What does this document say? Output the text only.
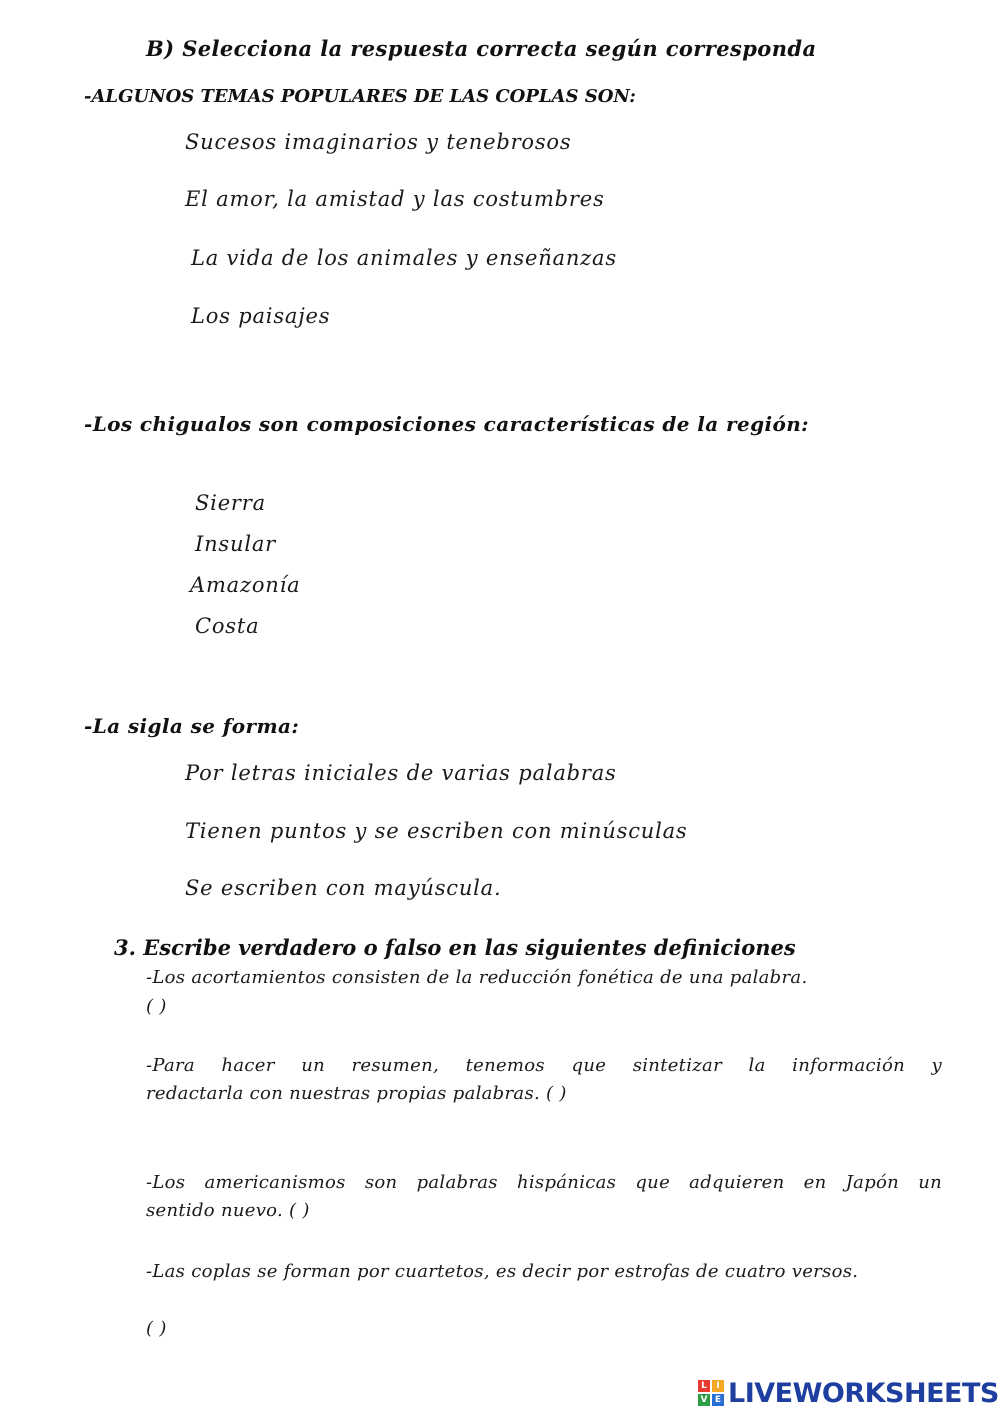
B) Selecciona la respuesta correcta según corresponda
-ALGUNOS TEMAS POPULARES DE LAS COPLAS SON:
Sucesos imaginarios y tenebrosos
El amor, la amistad y las costumbres
La vida de los animales y enseñanzas
Los paisajes
-Los chigualos son composiciones características de la región:
Sierra
Insular
Amazonía
Costa
-La sigla se forma:
Por letras iniciales de varias palabras
Tienen puntos y se escriben con minúsculas
Se escriben con mayúscula.
3. Escribe verdadero o falso en las siguientes definiciones
-Los acortamientos consisten de la reducción fonética de una palabra.
( )
-Para hacer un resumen, tenemos que sintetizar la información y
redactarla con nuestras propias palabras. ( )
-Los americanismos son palabras hispánicas que adquieren en Japón un
sentido nuevo. ( )
-Las coplas se forman por cuartetos, es decir por estrofas de cuatro versos.
( )
L	I
V E LIVEWORKSHEETS
